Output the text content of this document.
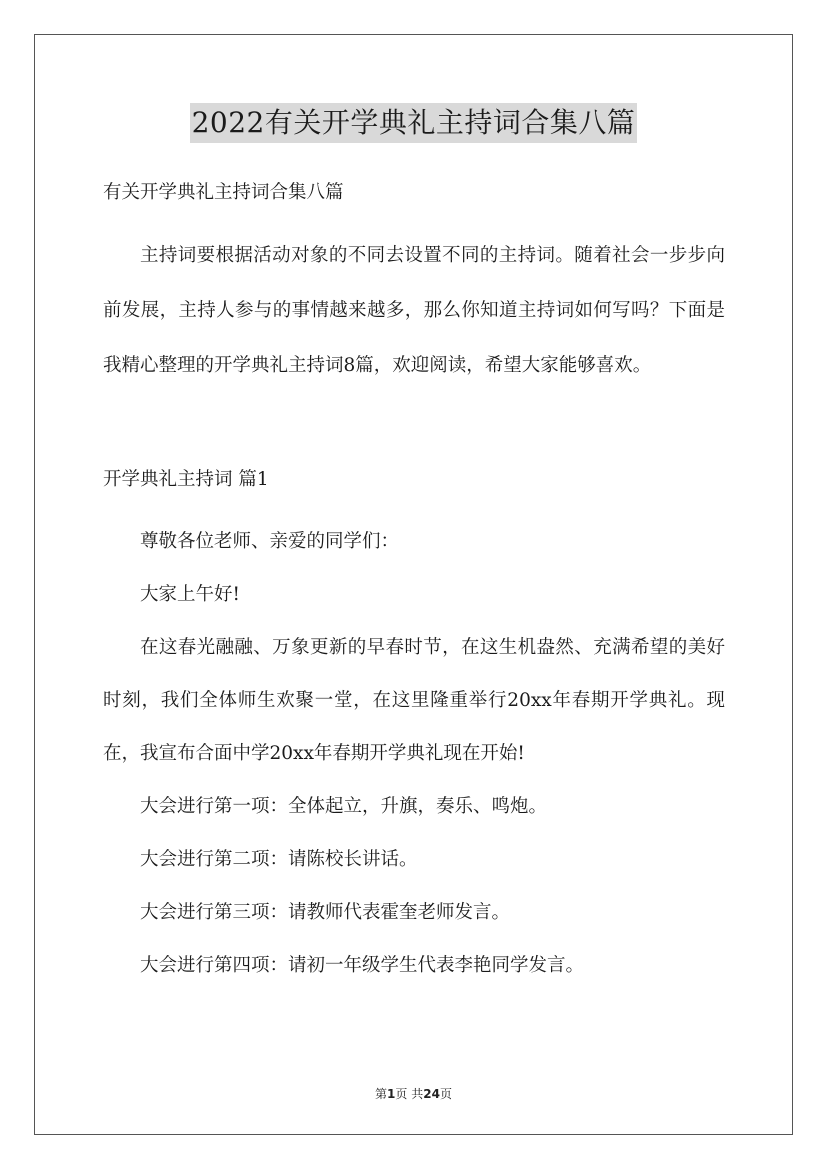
2022有关开学典礼主持词合集八篇

有关开学典礼主持词合集八篇

主持词要根据活动对象的不同去设置不同的主持词。随着社会一步步向前发展，主持人参与的事情越来越多，那么你知道主持词如何写吗？下面是我精心整理的开学典礼主持词8篇，欢迎阅读，希望大家能够喜欢。

开学典礼主持词 篇1

尊敬各位老师、亲爱的同学们：

大家上午好!

在这春光融融、万象更新的早春时节，在这生机盎然、充满希望的美好时刻，我们全体师生欢聚一堂，在这里隆重举行20xx年春期开学典礼。现在，我宣布合面中学20xx年春期开学典礼现在开始!

大会进行第一项：全体起立，升旗，奏乐、鸣炮。

大会进行第二项：请陈校长讲话。

大会进行第三项：请教师代表霍奎老师发言。

大会进行第四项：请初一年级学生代表李艳同学发言。

第1页 共24页
